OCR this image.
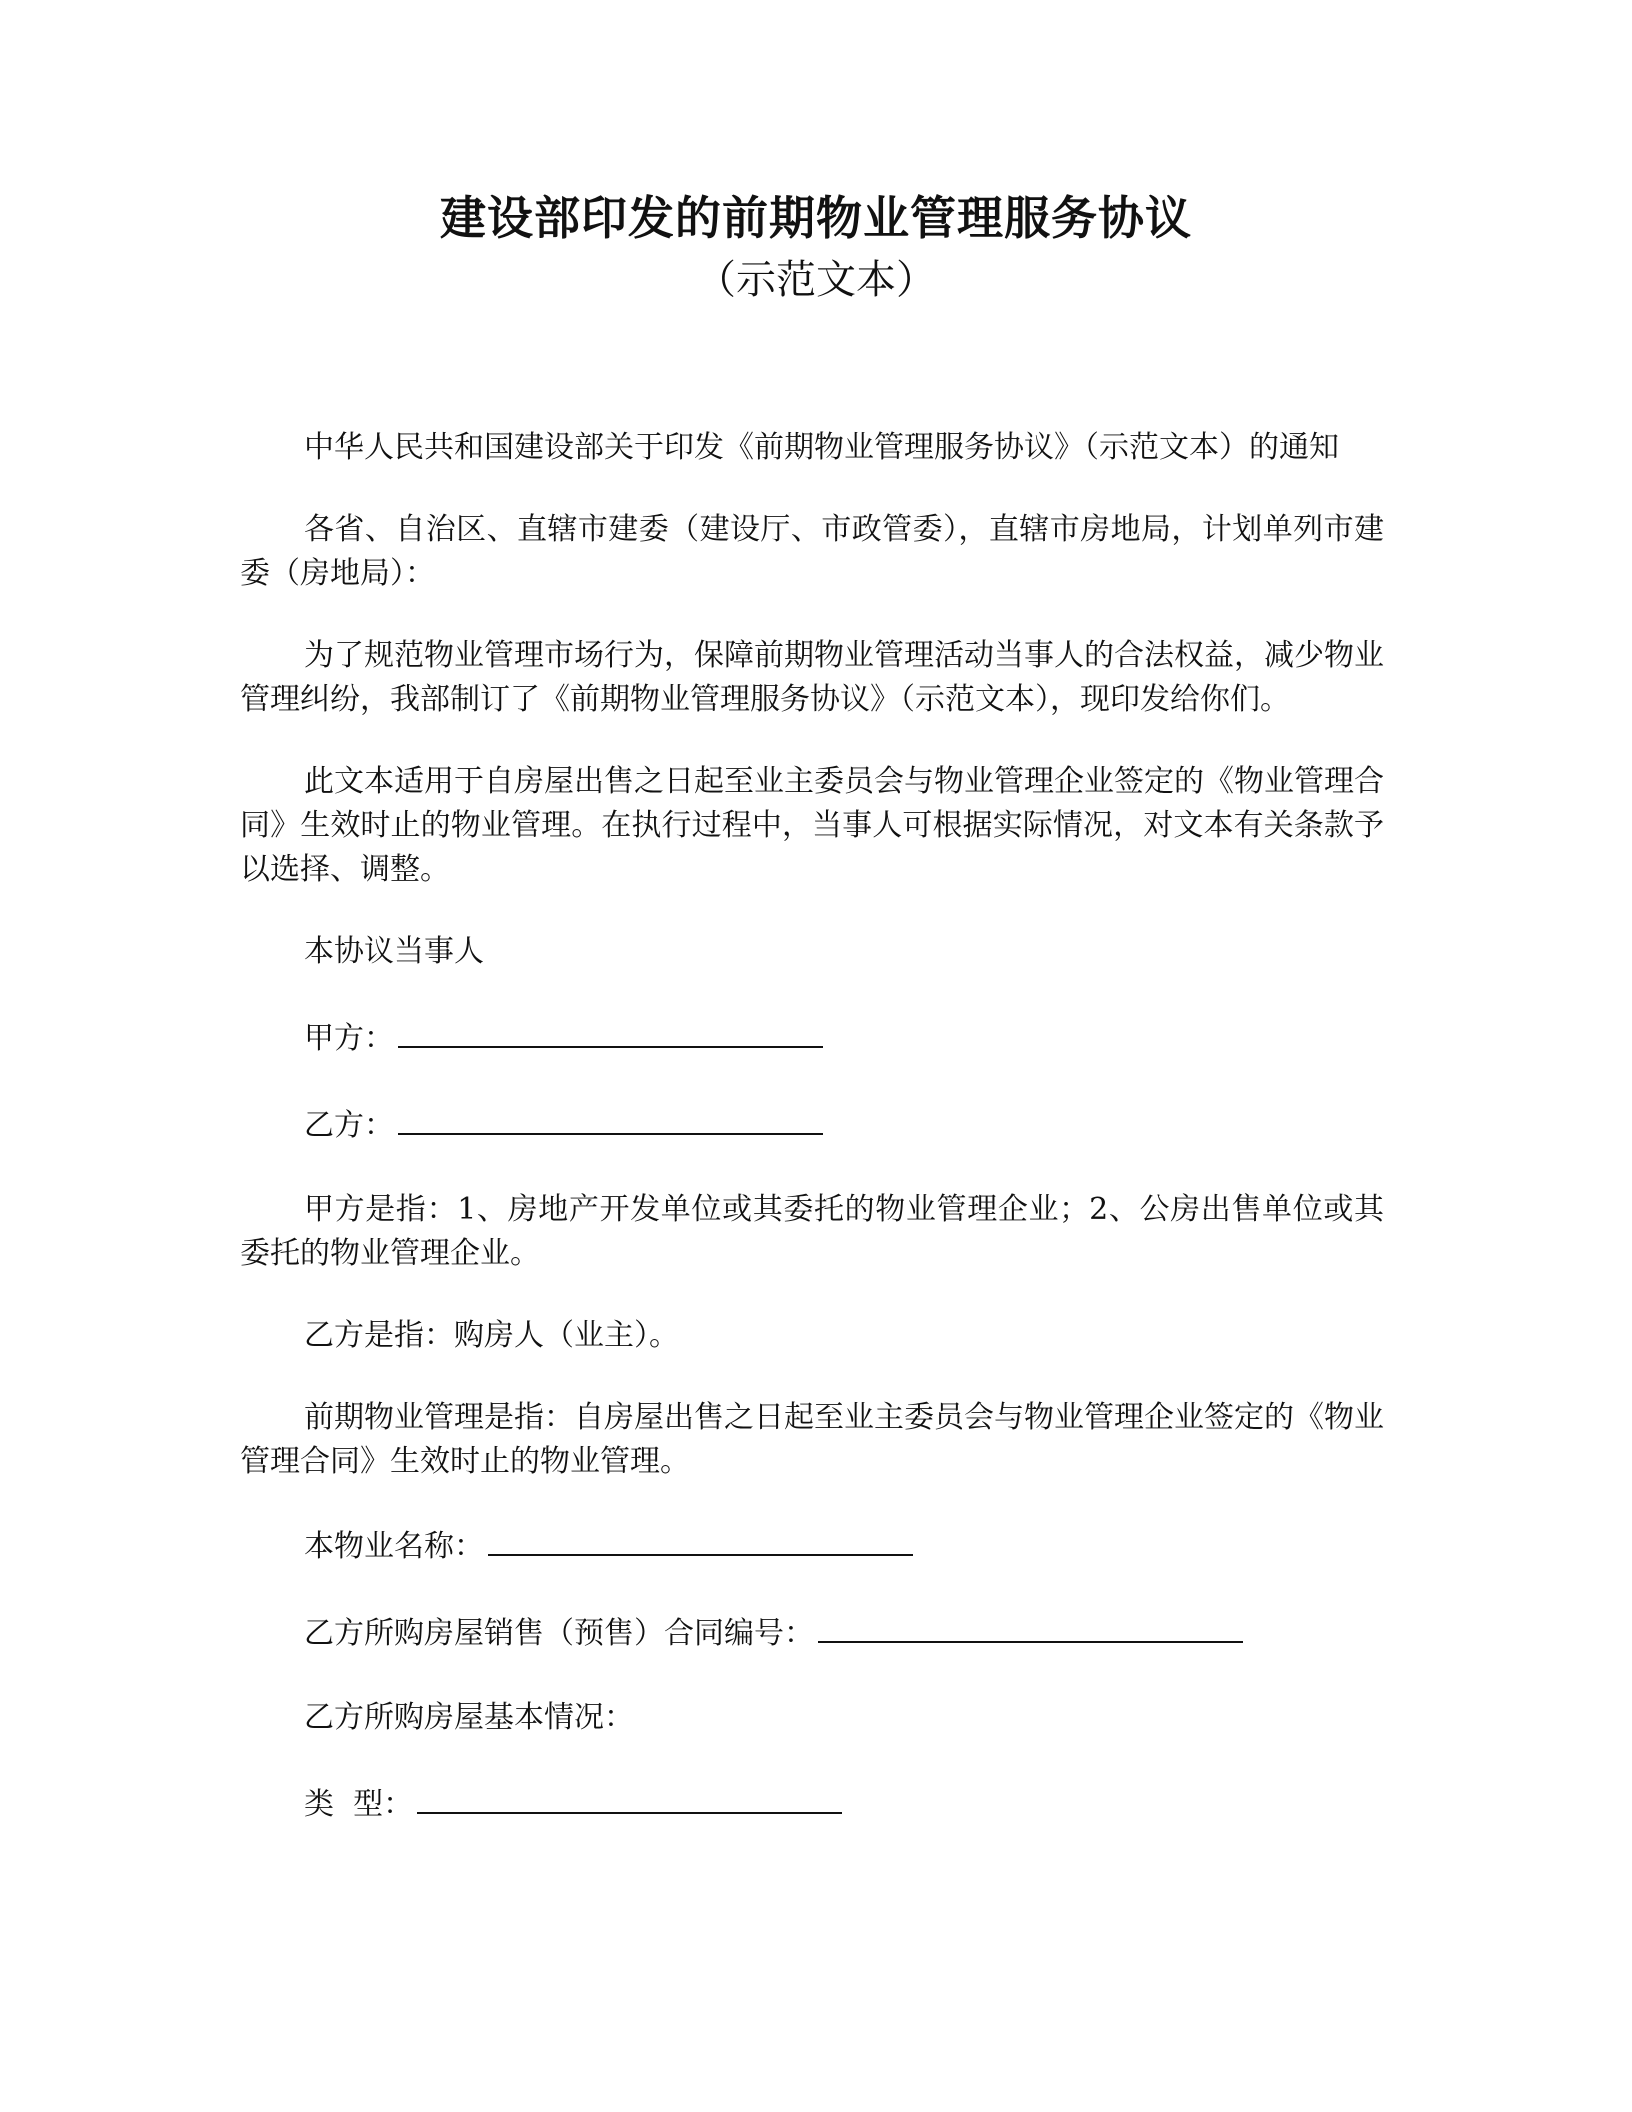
建设部印发的前期物业管理服务协议
（示范文本）

中华人民共和国建设部关于印发《前期物业管理服务协议》（示范文本）的通知

各省、自治区、直辖市建委（建设厅、市政管委），直辖市房地局，计划单列市建委（房地局）：

为了规范物业管理市场行为，保障前期物业管理活动当事人的合法权益，减少物业管理纠纷，我部制订了《前期物业管理服务协议》（示范文本），现印发给你们。

此文本适用于自房屋出售之日起至业主委员会与物业管理企业签定的《物业管理合同》生效时止的物业管理。在执行过程中，当事人可根据实际情况，对文本有关条款予以选择、调整。

本协议当事人

甲方：

乙方：

甲方是指：1、房地产开发单位或其委托的物业管理企业；2、公房出售单位或其委托的物业管理企业。

乙方是指：购房人（业主）。

前期物业管理是指：自房屋出售之日起至业主委员会与物业管理企业签定的《物业管理合同》生效时止的物业管理。

本物业名称：

乙方所购房屋销售（预售）合同编号：

乙方所购房屋基本情况：

类  型：
